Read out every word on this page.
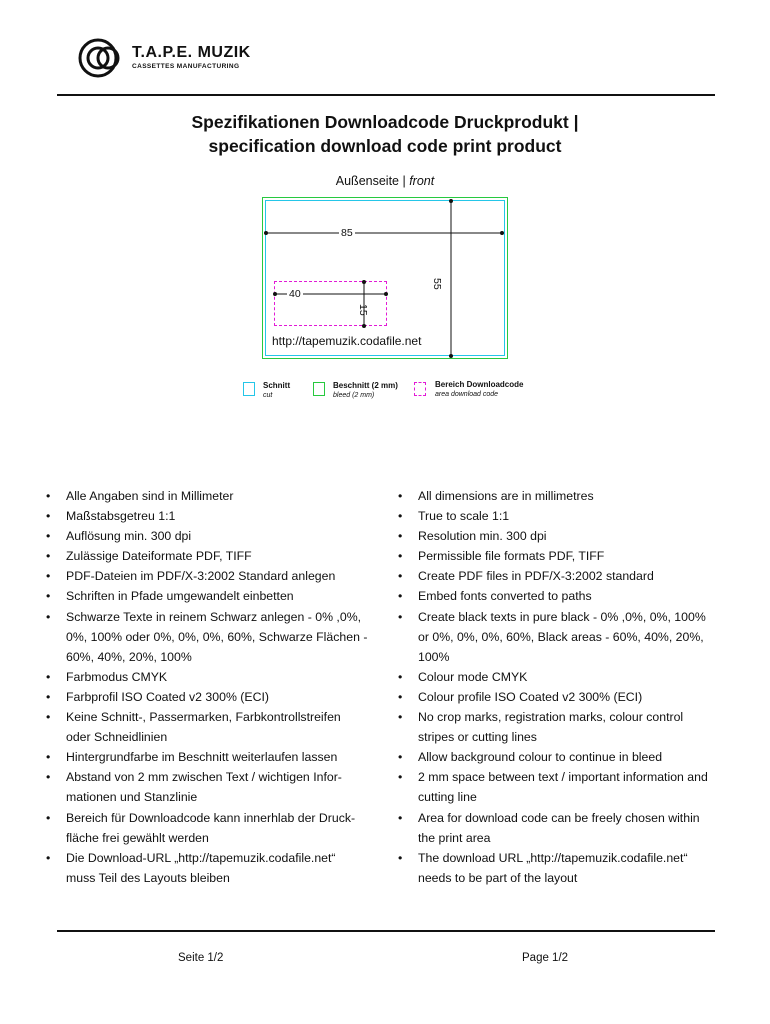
T.A.P.E. MUZIK
CASSETTES MANUFACTURING
Spezifikationen Downloadcode Druckprodukt |
specification download code print product
Außenseite | front
85
55
40
15
http://tapemuzik.codafile.net
Schnitt
cut
Beschnitt (2 mm)
bleed (2 mm)
Bereich Downloadcode
area download code
• Alle Angaben sind in Millimeter
• Maßstabsgetreu 1:1
• Auflösung min. 300 dpi
• Zulässige Dateiformate PDF, TIFF
• PDF-Dateien im PDF/X-3:2002 Standard anlegen
• Schriften in Pfade umgewandelt einbetten
• Schwarze Texte in reinem Schwarz anlegen - 0% ,0%, 0%, 100% oder 0%, 0%, 0%, 60%, Schwarze Flächen - 60%, 40%, 20%, 100%
• Farbmodus CMYK
• Farbprofil ISO Coated v2 300% (ECI)
• Keine Schnitt-, Passermarken, Farbkontrollstreifen oder Schneidlinien
• Hintergrundfarbe im Beschnitt weiterlaufen lassen
• Abstand von 2 mm zwischen Text / wichtigen Infor-mationen und Stanzlinie
• Bereich für Downloadcode kann innerhlab der Druck-fläche frei gewählt werden
• Die Download-URL „http://tapemuzik.codafile.net“ muss Teil des Layouts bleiben
• All dimensions are in millimetres
• True to scale 1:1
• Resolution min. 300 dpi
• Permissible file formats PDF, TIFF
• Create PDF files in PDF/X-3:2002 standard
• Embed fonts converted to paths
• Create black texts in pure black - 0% ,0%, 0%, 100% or 0%, 0%, 0%, 60%, Black areas - 60%, 40%, 20%, 100%
• Colour mode CMYK
• Colour profile ISO Coated v2 300% (ECI)
• No crop marks, registration marks, colour control stripes or cutting lines
• Allow background colour to continue in bleed
• 2 mm space between text / important information and cutting line
• Area for download code can be freely chosen within the print area
• The download URL „http://tapemuzik.codafile.net“ needs to be part of the layout
Seite 1/2	Page 1/2
